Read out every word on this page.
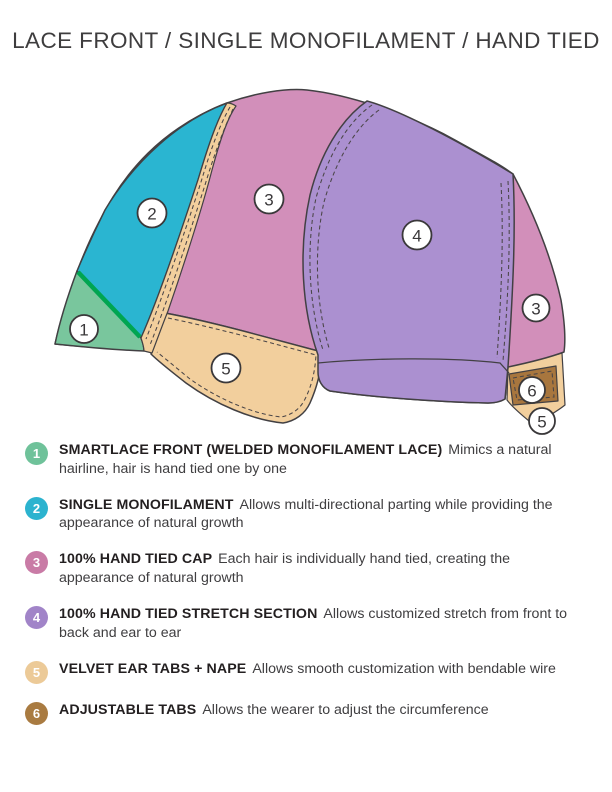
LACE FRONT / SINGLE MONOFILAMENT / HAND TIED
1
2
3
4
5
3
6
5
1	SMARTLACE FRONT (WELDED MONOFILAMENT LACE) Mimics a natural hairline, hair is hand tied one by one

2	SINGLE MONOFILAMENT Allows multi-directional parting while providing the appearance of natural growth

3	100% HAND TIED CAP Each hair is individually hand tied, creating the appearance of natural growth

4	100% HAND TIED STRETCH SECTION Allows customized stretch from front to back and ear to ear

5	VELVET EAR TABS + NAPE Allows smooth customization with bendable wire

6	ADJUSTABLE TABS Allows the wearer to adjust the circumference
